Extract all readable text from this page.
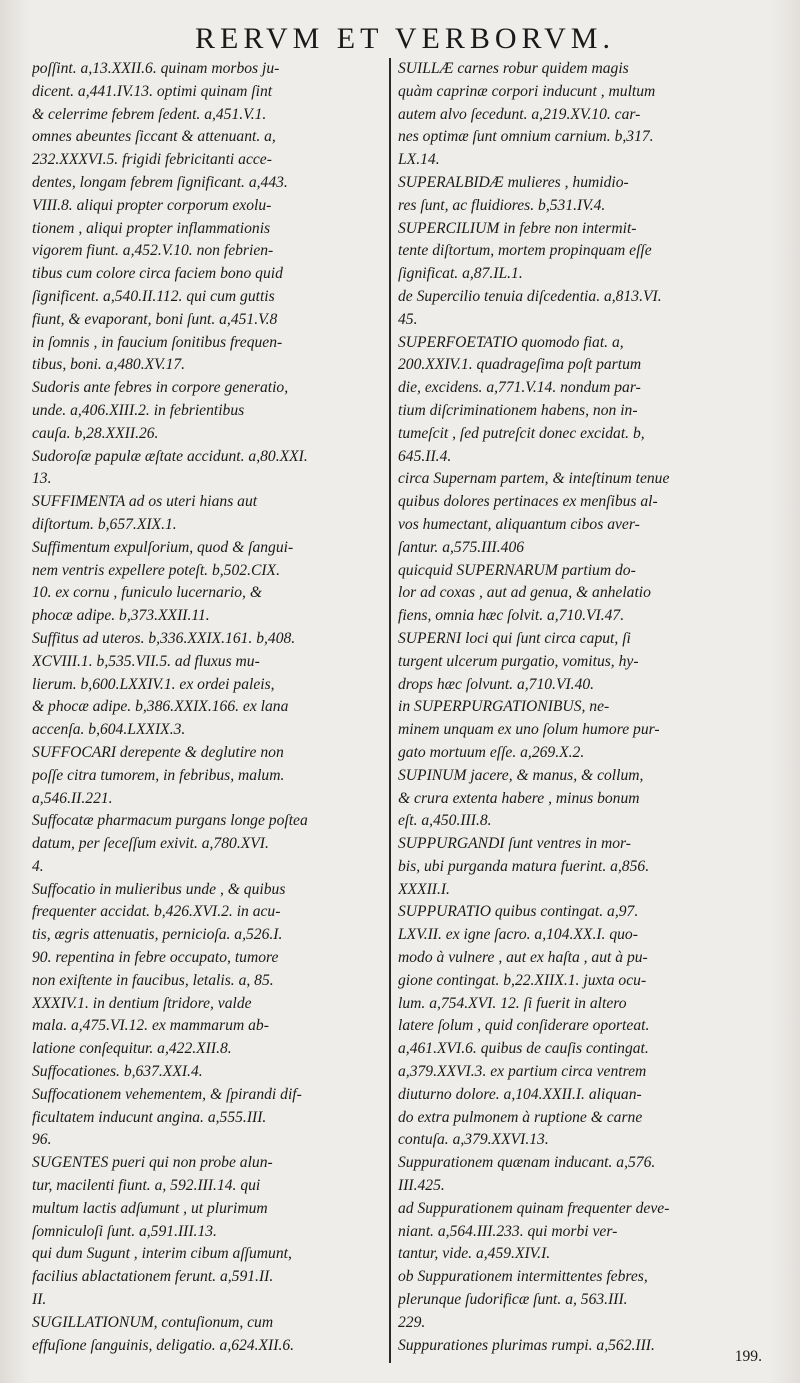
RERVM ET VERBORVM.
poſſint. a,13.XXII.6. quinam morbos ju-
dicent. a,441.IV.13. optimi quinam ſint
& celerrime febrem ſedent. a,451.V.1.
omnes abeuntes ſiccant & attenuant. a,
232.XXXVI.5. frigidi febricitanti acce-
dentes, longam febrem ſignificant. a,443.
VIII.8. aliqui propter corporum exolu-
tionem , aliqui propter inflammationis
vigorem fiunt. a,452.V.10. non febrien-
tibus cum colore circa faciem bono quid
ſignificent. a,540.II.112. qui cum guttis
fiunt, & evaporant, boni ſunt. a,451.V.8
in ſomnis , in faucium ſonitibus frequen-
tibus, boni. a,480.XV.17.
Sudoris ante febres in corpore generatio,
unde. a,406.XIII.2. in febrientibus
cauſa. b,28.XXII.26.
Sudoroſæ papulæ æſtate accidunt. a,80.XXI.
13.
SUFFIMENTA ad os uteri hians aut
diſtortum. b,657.XIX.1.
Suffimentum expulſorium, quod & ſangui-
nem ventris expellere poteſt. b,502.CIX.
10. ex cornu , funiculo lucernario, &
phocæ adipe. b,373.XXII.11.
Suffitus ad uteros. b,336.XXIX.161. b,408.
XCVIII.1. b,535.VII.5. ad fluxus mu-
lierum. b,600.LXXIV.1. ex ordei paleis,
& phocæ adipe. b,386.XXIX.166. ex lana
accenſa. b,604.LXXIX.3.
SUFFOCARI derepente & deglutire non
poſſe citra tumorem, in febribus, malum.
a,546.II.221.
Suffocatæ pharmacum purgans longe poſtea
datum, per ſeceſſum exivit. a,780.XVI.
4.
Suffocatio in mulieribus unde , & quibus
frequenter accidat. b,426.XVI.2. in acu-
tis, ægris attenuatis, pernicioſa. a,526.I.
90. repentina in febre occupato, tumore
non exiſtente in faucibus, letalis. a, 85.
XXXIV.1. in dentium ſtridore, valde
mala. a,475.VI.12. ex mammarum ab-
latione conſequitur. a,422.XII.8.
Suffocationes. b,637.XXI.4.
Suffocationem vehementem, & ſpirandi dif-
ficultatem inducunt angina. a,555.III.
96.
SUGENTES pueri qui non probe alun-
tur, macilenti fiunt. a, 592.III.14. qui
multum lactis adſumunt , ut plurimum
ſomniculoſi ſunt. a,591.III.13.
qui dum Sugunt , interim cibum aſſumunt,
facilius ablactationem ferunt. a,591.II.
II.
SUGILLATIONUM, contuſionum, cum
effuſione ſanguinis, deligatio. a,624.XII.6.
SUILLÆ carnes robur quidem magis
quàm caprinæ corpori inducunt , multum
autem alvo ſecedunt. a,219.XV.10. car-
nes optimæ ſunt omnium carnium. b,317.
LX.14.
SUPERALBIDÆ mulieres , humidio-
res ſunt, ac fluidiores. b,531.IV.4.
SUPERCILIUM in febre non intermit-
tente diſtortum, mortem propinquam eſſe
ſignificat. a,87.IL.1.
de Supercilio tenuia diſcedentia. a,813.VI.
45.
SUPERFOETATIO quomodo fiat. a,
200.XXIV.1. quadrageſima poſt partum
die, excidens. a,771.V.14. nondum par-
tium diſcriminationem habens, non in-
tumeſcit , ſed putreſcit donec excidat. b,
645.II.4.
circa Supernam partem, & inteſtinum tenue
quibus dolores pertinaces ex menſibus al-
vos humectant, aliquantum cibos aver-
ſantur. a,575.III.406
quicquid SUPERNARUM partium do-
lor ad coxas , aut ad genua, & anhelatio
fiens, omnia hæc ſolvit. a,710.VI.47.
SUPERNI loci qui ſunt circa caput, ſi
turgent ulcerum purgatio, vomitus, hy-
drops hæc ſolvunt. a,710.VI.40.
in SUPERPURGATIONIBUS, ne-
minem unquam ex uno ſolum humore pur-
gato mortuum eſſe. a,269.X.2.
SUPINUM jacere, & manus, & collum,
& crura extenta habere , minus bonum
eſt. a,450.III.8.
SUPPURGANDI ſunt ventres in mor-
bis, ubi purganda matura fuerint. a,856.
XXXII.I.
SUPPURATIO quibus contingat. a,97.
LXV.II. ex igne ſacro. a,104.XX.I. quo-
modo à vulnere , aut ex haſta , aut à pu-
gione contingat. b,22.XIIX.1. juxta ocu-
lum. a,754.XVI. 12. ſi fuerit in altero
latere ſolum , quid conſiderare oporteat.
a,461.XVI.6. quibus de cauſis contingat.
a,379.XXVI.3. ex partium circa ventrem
diuturno dolore. a,104.XXII.I. aliquan-
do extra pulmonem à ruptione & carne
contuſa. a,379.XXVI.13.
Suppurationem quænam inducant. a,576.
III.425.
ad Suppurationem quinam frequenter deve-
niant. a,564.III.233. qui morbi ver-
tantur, vide. a,459.XIV.I.
ob Suppurationem intermittentes febres,
plerunque ſudorificæ ſunt. a, 563.III.
229.
Suppurationes plurimas rumpi. a,562.III.
199.
